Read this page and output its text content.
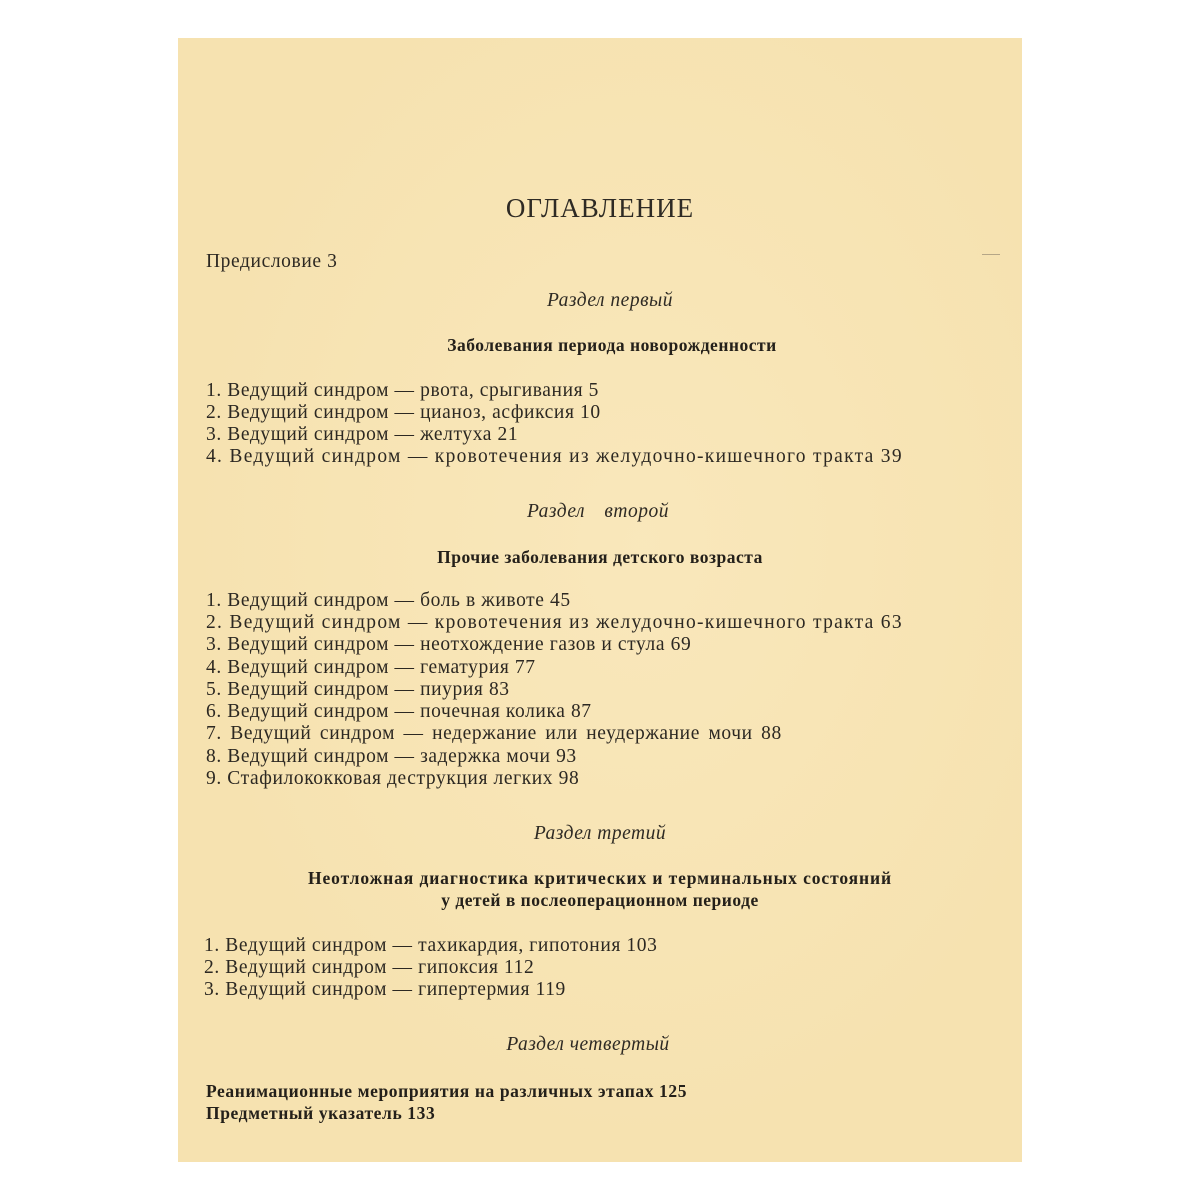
ОГЛАВЛЕНИЕ
Предисловие 3
Раздел первый
Заболевания периода новорожденности
1. Ведущий синдром — рвота, срыгивания 5
2. Ведущий синдром — цианоз, асфиксия 10
3. Ведущий синдром — желтуха 21
4. Ведущий синдром — кровотечения из желудочно-кишечного тракта 39
Раздел второй
Прочие заболевания детского возраста
1. Ведущий синдром — боль в животе 45
2. Ведущий синдром — кровотечения из желудочно-кишечного тракта 63
3. Ведущий синдром — неотхождение газов и стула 69
4. Ведущий синдром — гематурия 77
5. Ведущий синдром — пиурия 83
6. Ведущий синдром — почечная колика 87
7. Ведущий синдром — недержание или неудержание мочи 88
8. Ведущий синдром — задержка мочи 93
9. Стафилококковая деструкция легких 98
Раздел третий
Неотложная диагностика критических и терминальных состояний
у детей в послеоперационном периоде
1. Ведущий синдром — тахикардия, гипотония 103
2. Ведущий синдром — гипоксия 112
3. Ведущий синдром — гипертермия 119
Раздел четвертый
Реанимационные мероприятия на различных этапах 125
Предметный указатель 133
